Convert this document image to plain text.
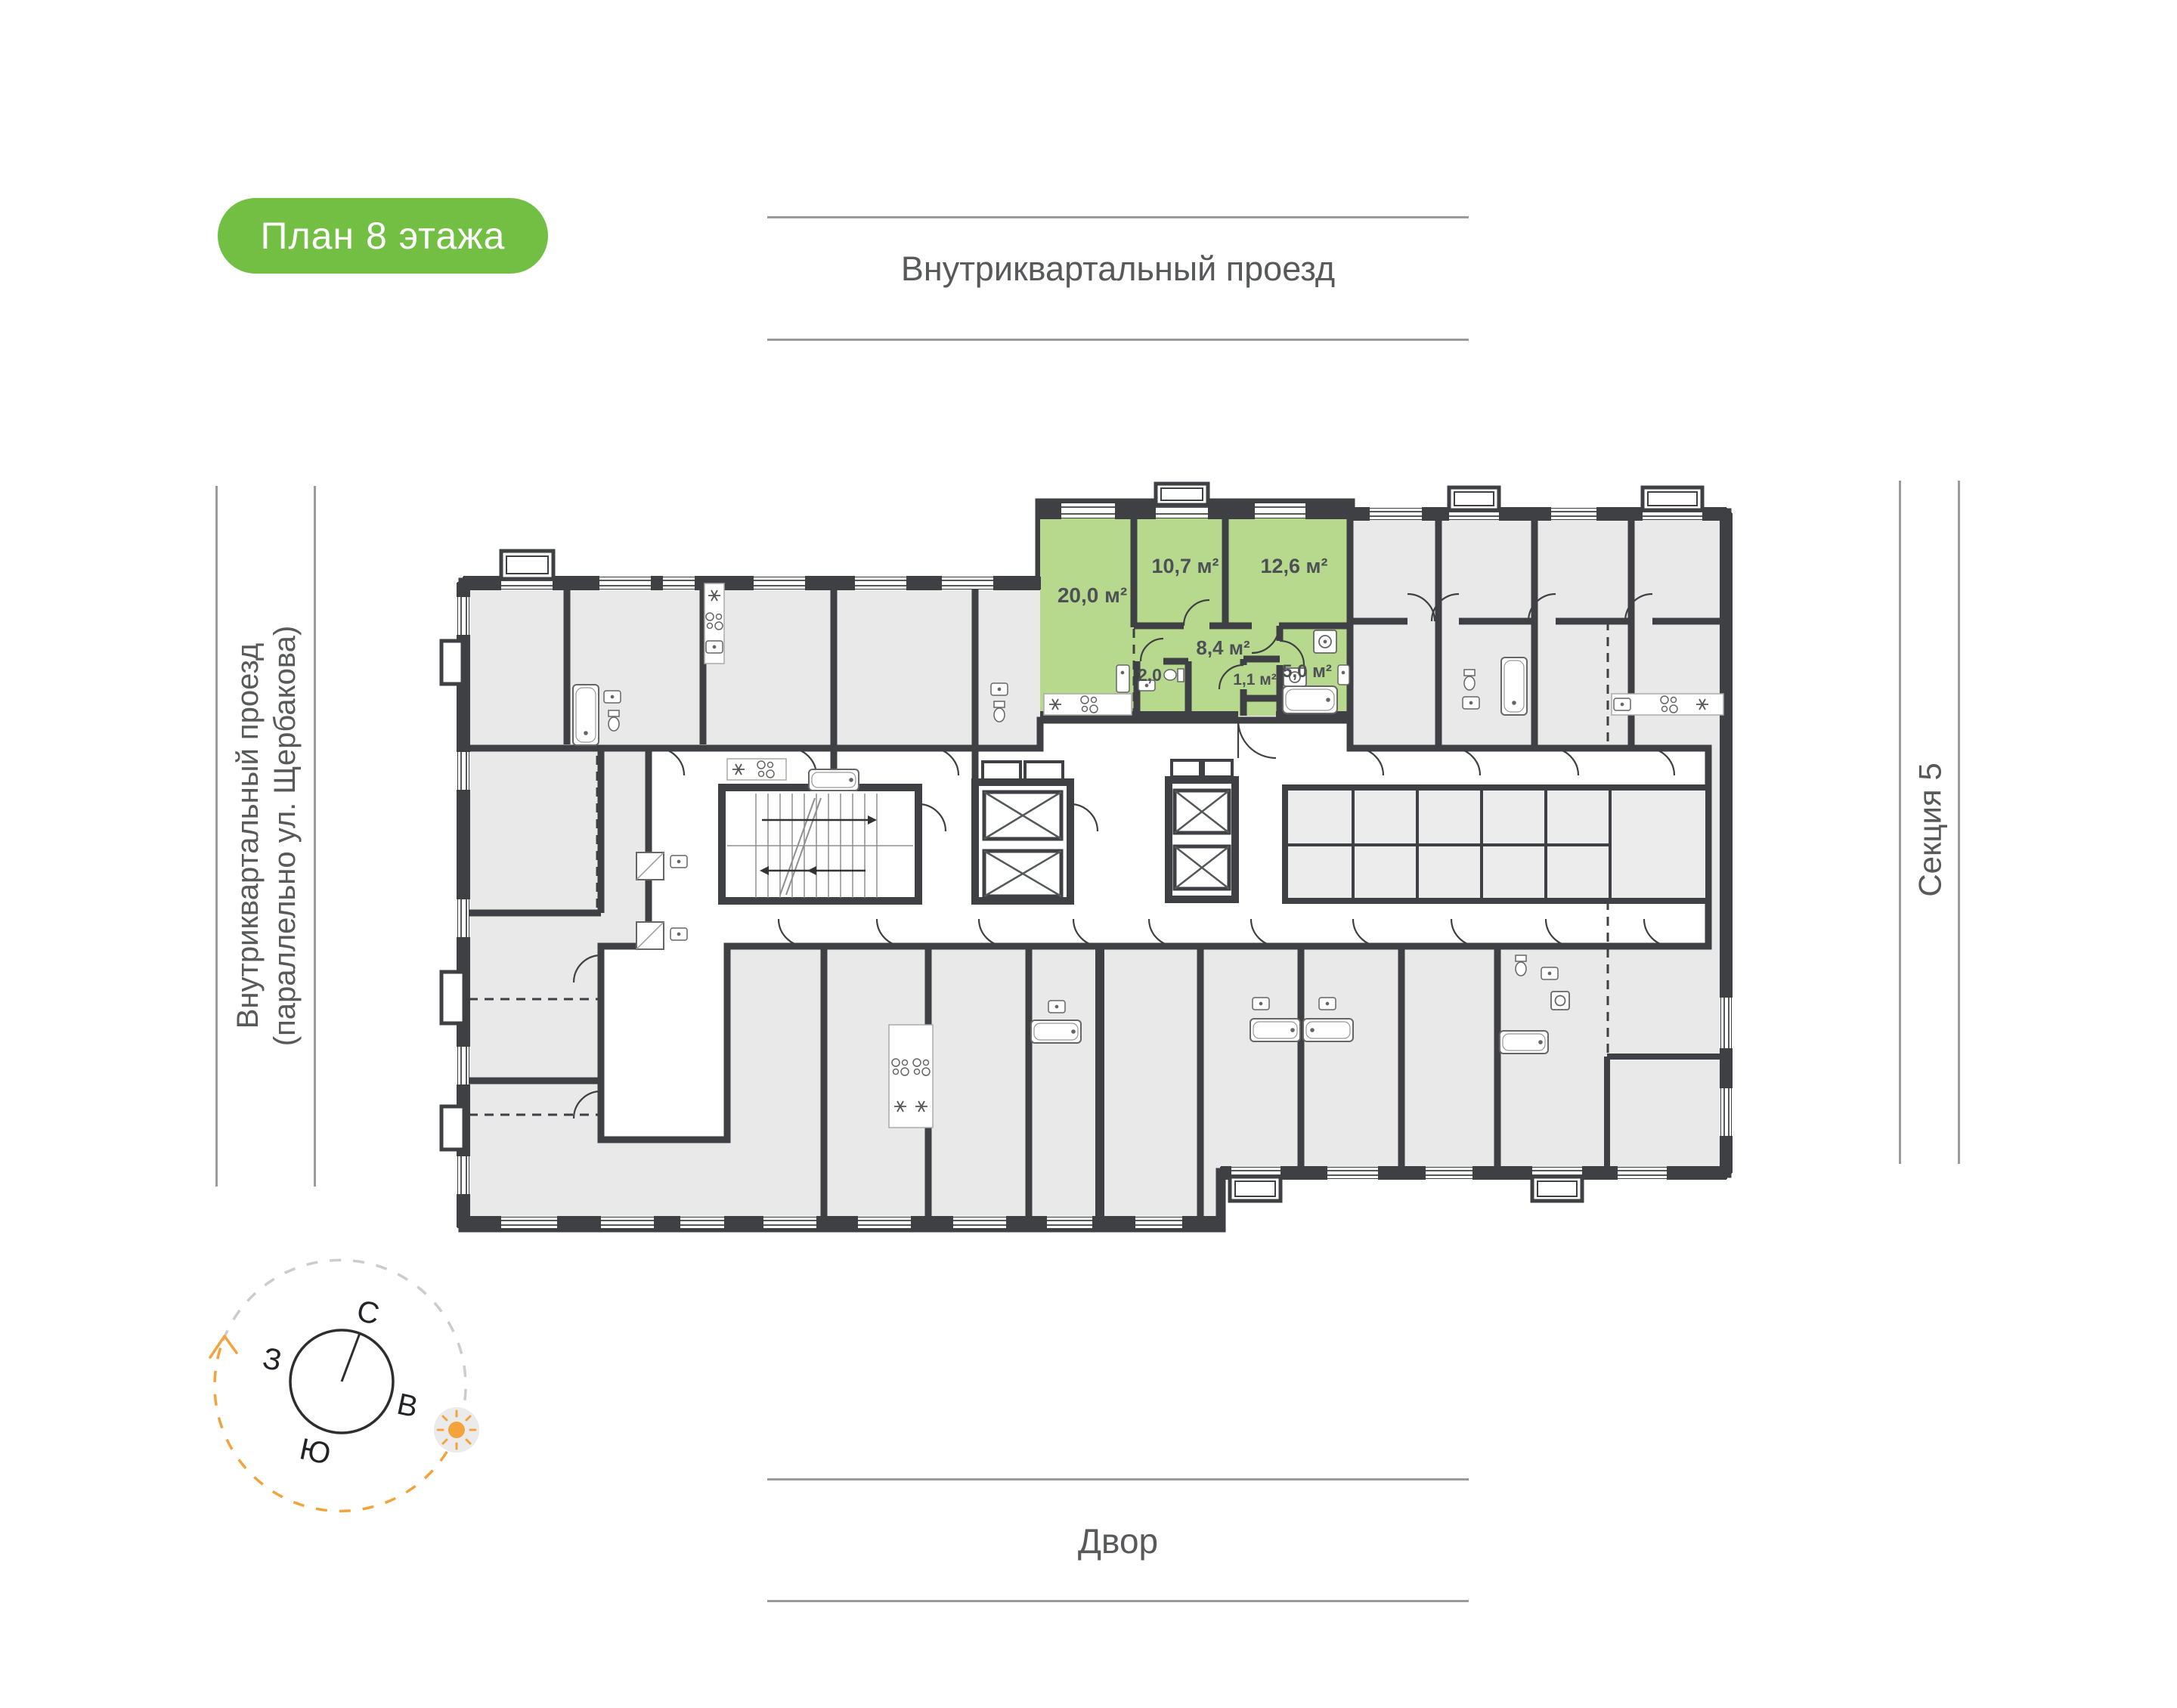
План 8 этажа
Внутриквартальный проезд
Внутриквартальный проезд (параллельно ул. Щербакова)	Секция 5
Двор
20,0 м²
10,7 м² 12,6 м²
8,4 м²
2,0	1,1 м² 5,0 м²
С
З
В
Ю
